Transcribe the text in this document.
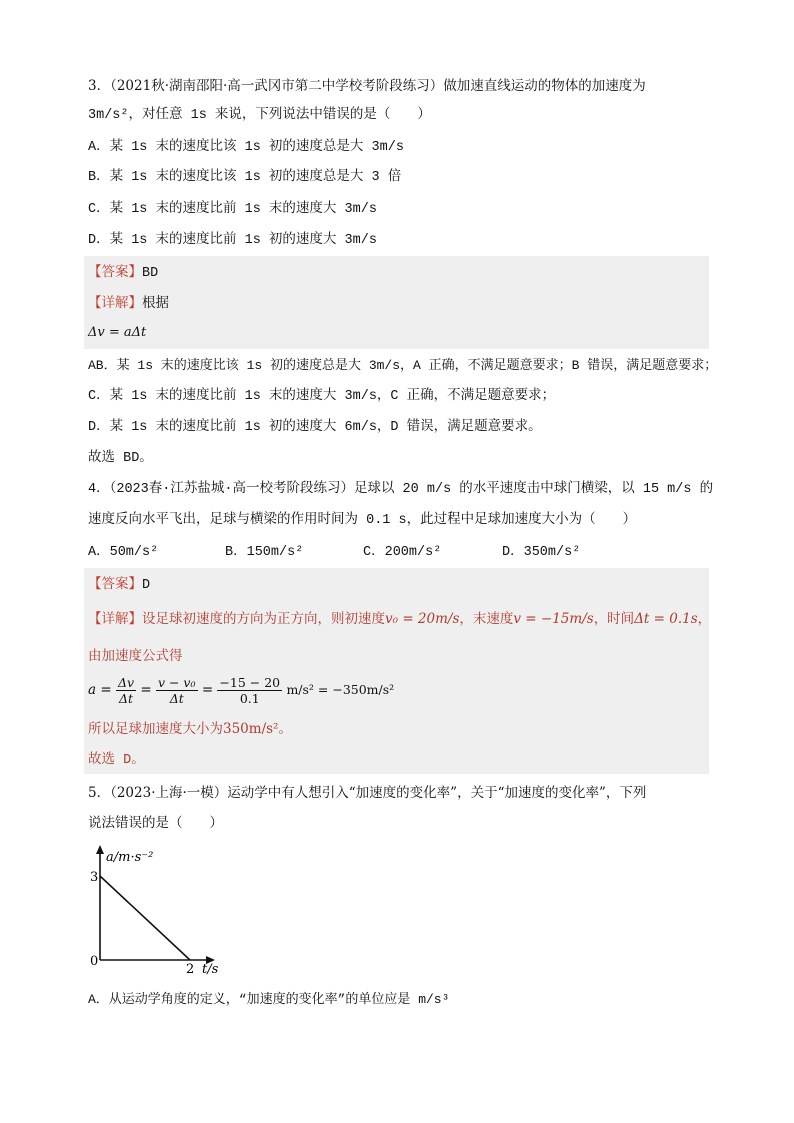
3．（2021秋·湖南邵阳·高一武冈市第二中学校考阶段练习）做加速直线运动的物体的加速度为
3m/s²，对任意 1s 来说，下列说法中错误的是（　　）
A．某 1s 末的速度比该 1s 初的速度总是大 3m/s
B．某 1s 末的速度比该 1s 初的速度总是大 3 倍
C．某 1s 末的速度比前 1s 末的速度大 3m/s
D．某 1s 末的速度比前 1s 初的速度大 3m/s
【答案】BD
【详解】根据
Δv = aΔt
AB．某 1s 末的速度比该 1s 初的速度总是大 3m/s，A 正确，不满足题意要求；B 错误，满足题意要求；
C．某 1s 末的速度比前 1s 末的速度大 3m/s，C 正确，不满足题意要求；
D．某 1s 末的速度比前 1s 初的速度大 6m/s，D 错误，满足题意要求。
故选 BD。
4．（2023春·江苏盐城·高一校考阶段练习）足球以 20 m/s 的水平速度击中球门横梁，以 15 m/s 的
速度反向水平飞出，足球与横梁的作用时间为 0.1 s，此过程中足球加速度大小为（　　）
A．50m/s²	B．150m/s²	C．200m/s²	D．350m/s²
【答案】D
【详解】设足球初速度的方向为正方向，则初速度v₀ = 20m/s，末速度v = −15m/s，时间Δt = 0.1s，
由加速度公式得
$a = \frac{\Delta v}{\Delta t} = \frac{\text{v − v₀}}{\Delta t} = \frac{-15 - 20}{0.1} m/s^2 = -350m/s^2$
所以足球加速度大小为350m/s²。
故选 D。
5．（2023·上海·一模）运动学中有人想引入“加速度的变化率”，关于“加速度的变化率”，下列
说法错误的是（　　）
a/m·s⁻²
t/s
3
0
2
A．从运动学角度的定义，“加速度的变化率”的单位应是 m/s³
